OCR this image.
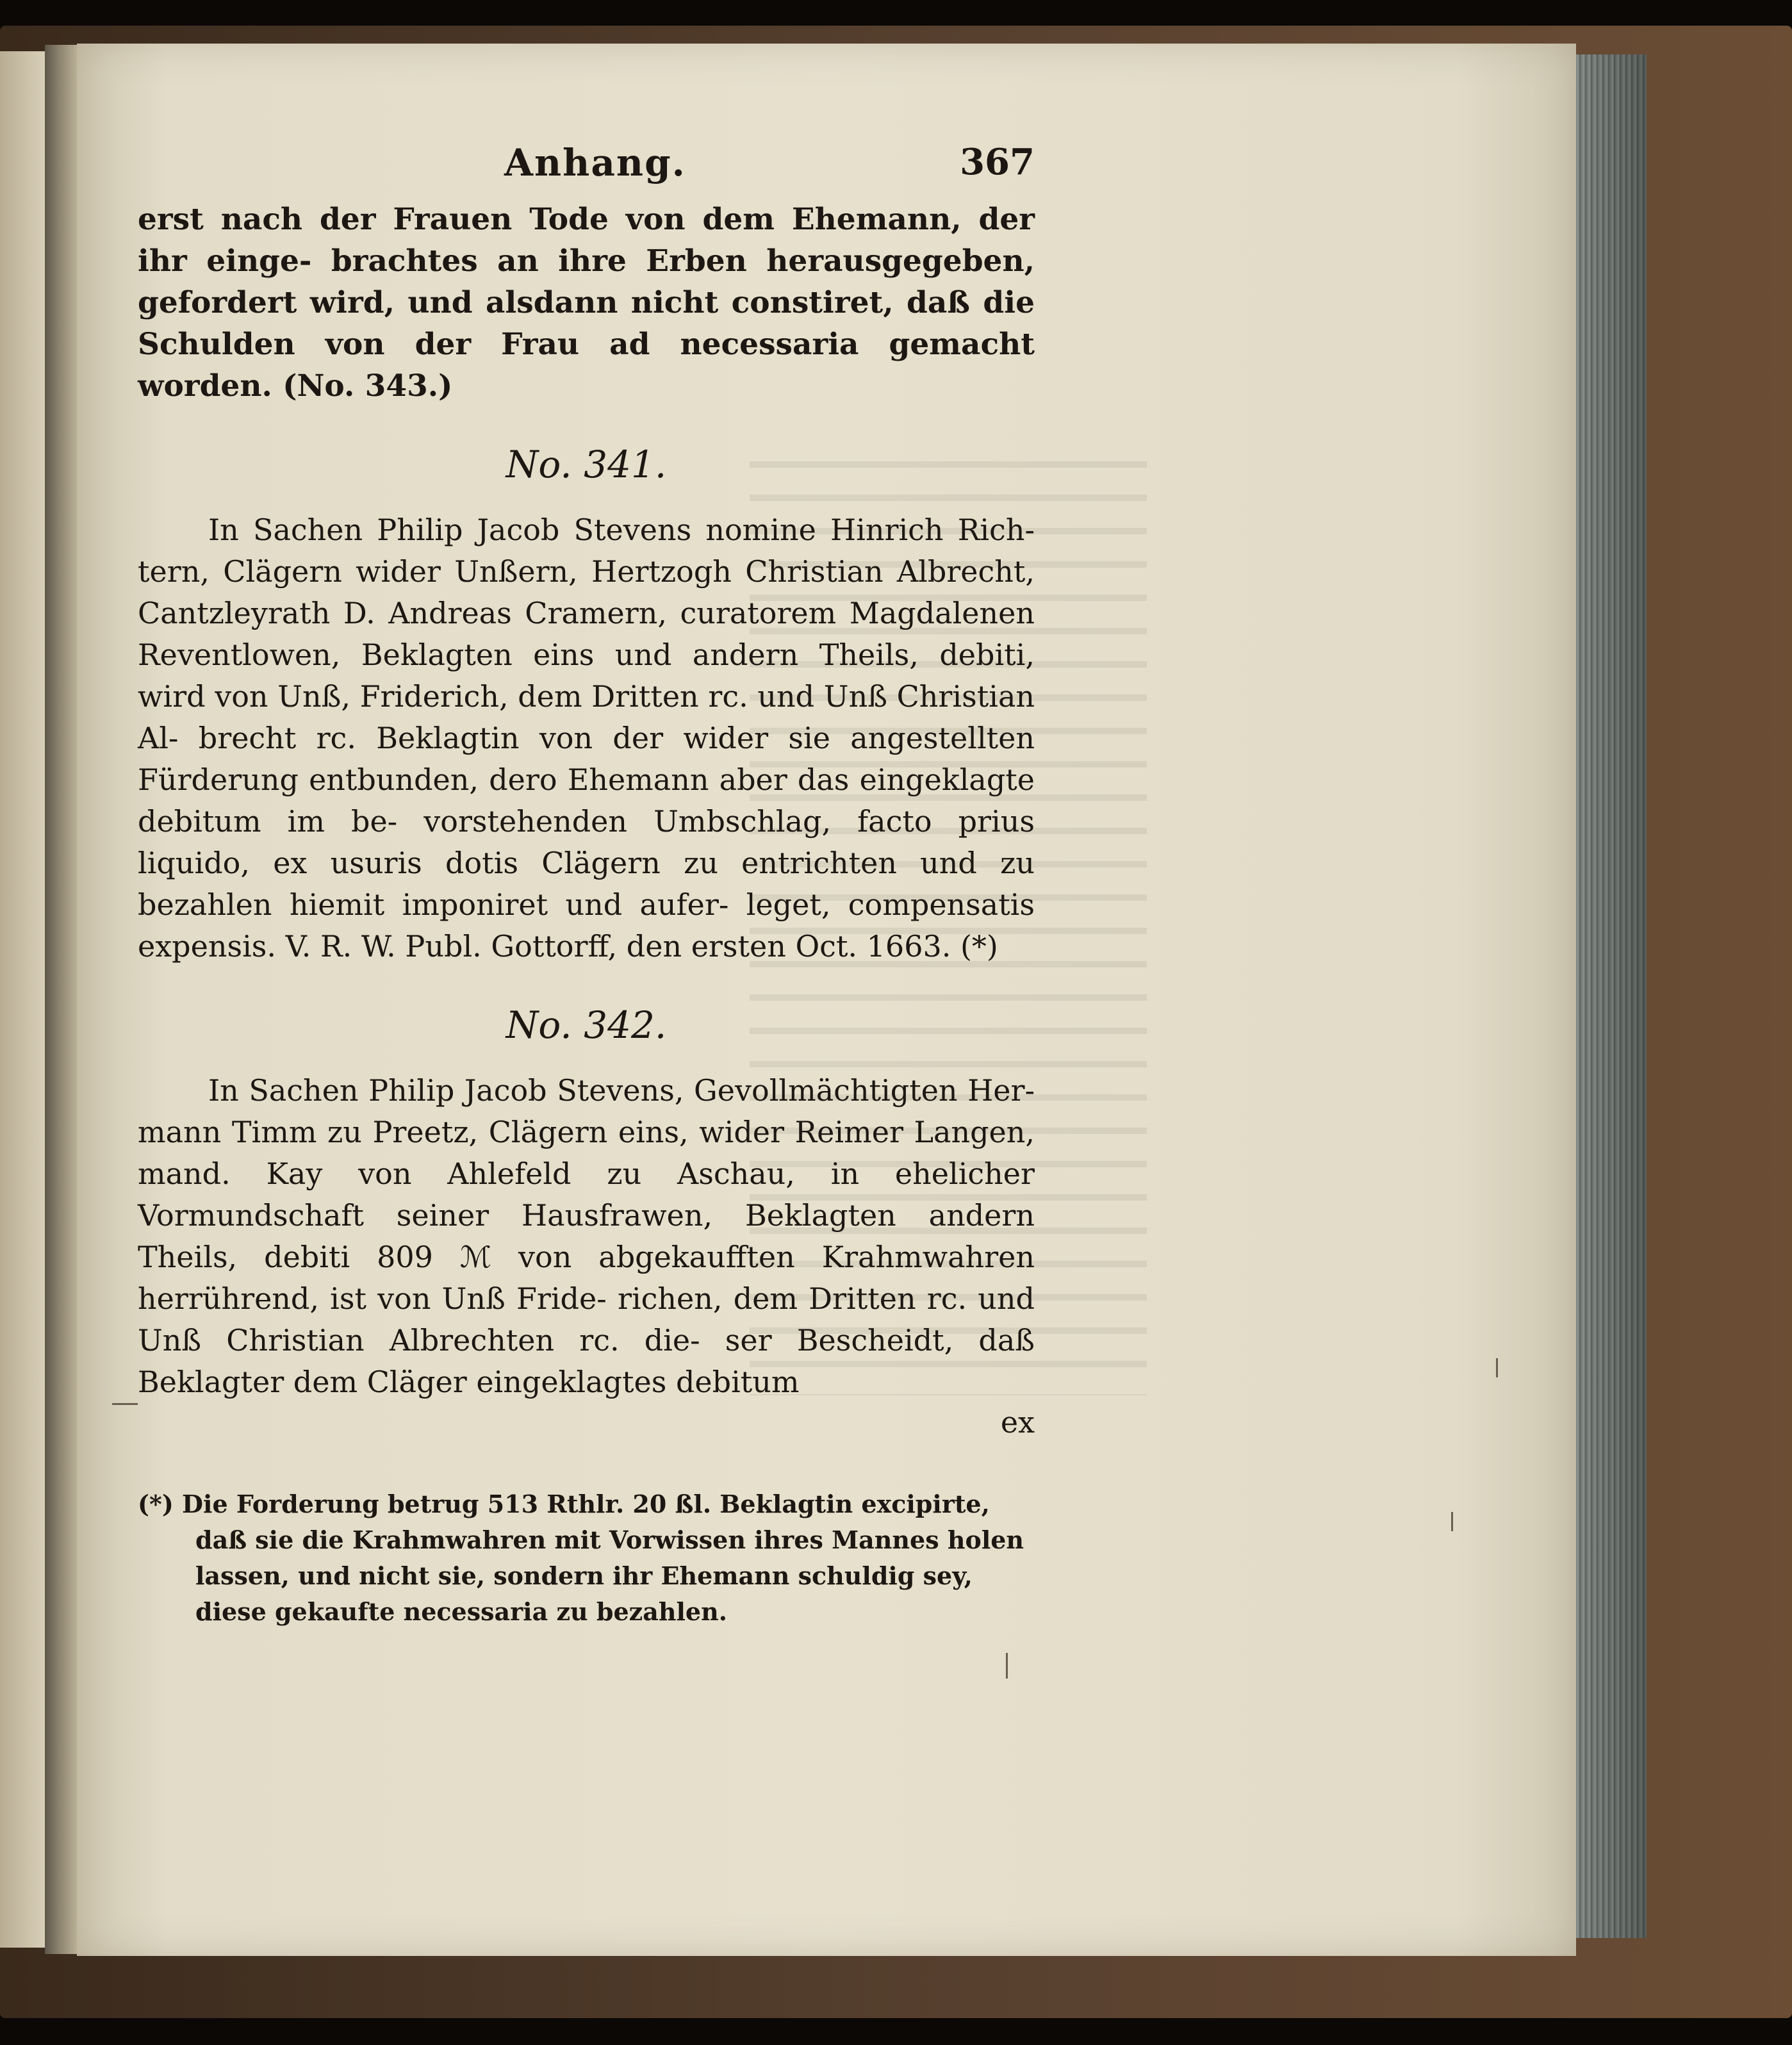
Anhang.	367

erst nach der Frauen Tode von dem Ehemann, der ihr einge- brachtes an ihre Erben herausgegeben, gefordert wird, und alsdann nicht constiret, daß die Schulden von der Frau ad necessaria gemacht worden. (No. 343.)

No. 341.

In Sachen Philip Jacob Stevens nomine Hinrich Rich- tern, Clägern wider Unßern, Hertzogh Christian Albrecht, Cantzleyrath D. Andreas Cramern, curatorem Magdalenen Reventlowen, Beklagten eins und andern Theils, debiti, wird von Unß, Friderich, dem Dritten rc. und Unß Christian Al- brecht rc. Beklagtin von der wider sie angestellten Fürderung entbunden, dero Ehemann aber das eingeklagte debitum im be- vorstehenden Umbschlag, facto prius liquido, ex usuris dotis Clägern zu entrichten und zu bezahlen hiemit imponiret und aufer- leget, compensatis expensis. V. R. W. Publ. Gottorff, den ersten Oct. 1663. (*)

No. 342.

In Sachen Philip Jacob Stevens, Gevollmächtigten Her- mann Timm zu Preetz, Clägern eins, wider Reimer Langen, mand. Kay von Ahlefeld zu Aschau, in ehelicher Vormundschaft seiner Hausfrawen, Beklagten andern Theils, debiti 809 ℳ von abgekaufften Krahmwahren herrührend, ist von Unß Fride- richen, dem Dritten rc. und Unß Christian Albrechten rc. die- ser Bescheidt, daß Beklagter dem Cläger eingeklagtes debitum

ex

(*) Die Forderung betrug 513 Rthlr. 20 ßl. Beklagtin excipirte, daß sie die Krahmwahren mit Vorwissen ihres Mannes holen lassen, und nicht sie, sondern ihr Ehemann schuldig sey, diese gekaufte necessaria zu bezahlen.
